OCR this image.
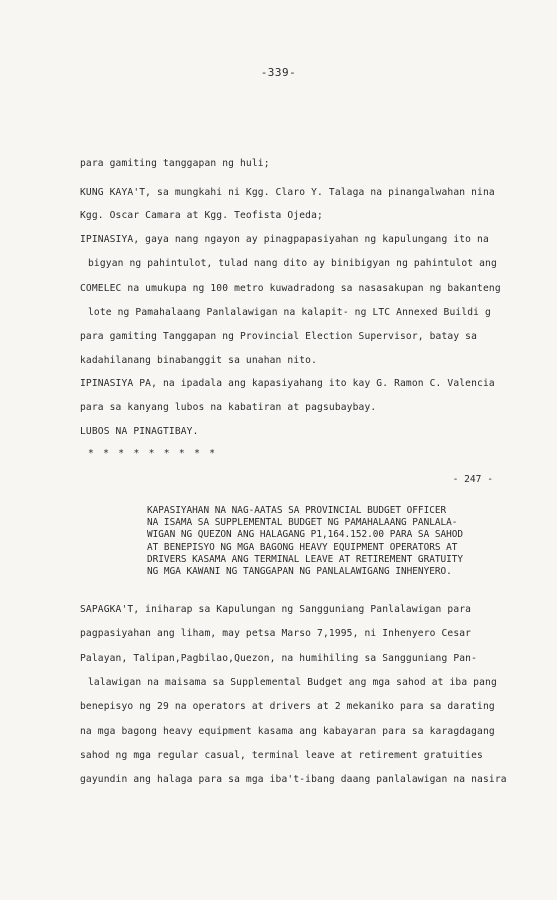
-339-

para gamiting tanggapan ng huli;
KUNG KAYA'T, sa mungkahi ni Kgg. Claro Y. Talaga na pinangalwahan nina
Kgg. Oscar Camara at Kgg. Teofista Ojeda;
IPINASIYA, gaya nang ngayon ay pinagpapasiyahan ng kapulungang ito na
bigyan ng pahintulot, tulad nang dito ay binibigyan ng pahintulot ang
COMELEC na umukupa ng 100 metro kuwadradong sa nasasakupan ng bakanteng
lote ng Pamahalaang Panlalawigan na kalapit- ng LTC Annexed Buildi g
para gamiting Tanggapan ng Provincial Election Supervisor, batay sa
kadahilanang binabanggit sa unahan nito.
IPINASIYA PA, na ipadala ang kapasiyahang ito kay G. Ramon C. Valencia
para sa kanyang lubos na kabatiran at pagsubaybay.
LUBOS NA PINAGTIBAY.
* * * * * * * * *
- 247 -
KAPASIYAHAN NA NAG-AATAS SA PROVINCIAL BUDGET OFFICER
NA ISAMA SA SUPPLEMENTAL BUDGET NG PAMAHALAANG PANLALA-
WIGAN NG QUEZON ANG HALAGANG P1,164.152.00 PARA SA SAHOD
AT BENEPISYO NG MGA BAGONG HEAVY EQUIPMENT OPERATORS AT
DRIVERS KASAMA ANG TERMINAL LEAVE AT RETIREMENT GRATUITY
NG MGA KAWANI NG TANGGAPAN NG PANLALAWIGANG INHENYERO.
SAPAGKA'T, iniharap sa Kapulungan ng Sangguniang Panlalawigan para
pagpasiyahan ang liham, may petsa Marso 7,1995, ni Inhenyero Cesar
Palayan, Talipan,Pagbilao,Quezon, na humihiling sa Sangguniang Pan-
lalawigan na maisama sa Supplemental Budget ang mga sahod at iba pang
benepisyo ng 29 na operators at drivers at 2 mekaniko para sa darating
na mga bagong heavy equipment kasama ang kabayaran para sa karagdagang
sahod ng mga regular casual, terminal leave at retirement gratuities
gayundin ang halaga para sa mga iba't-ibang daang panlalawigan na nasira
